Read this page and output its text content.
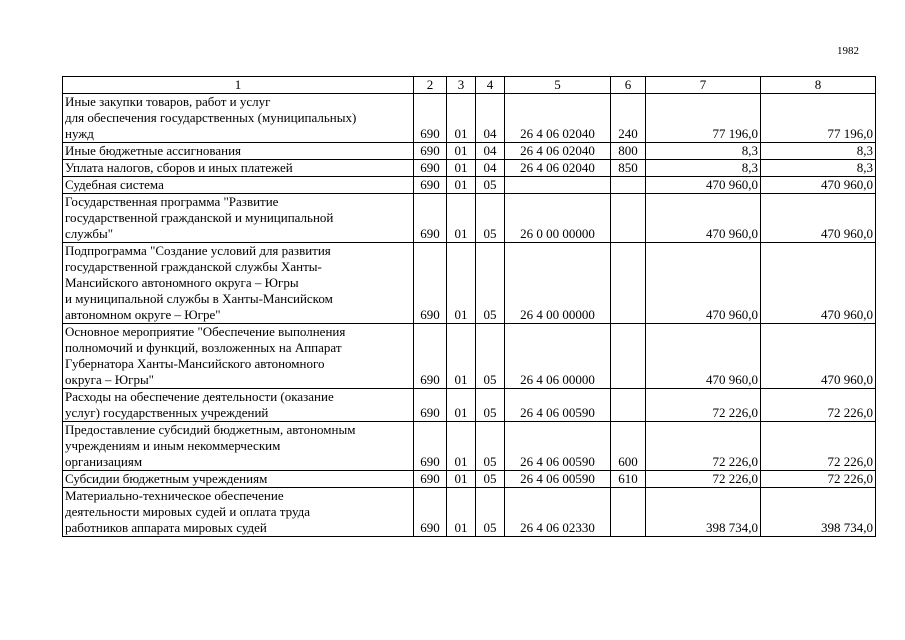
1982
1	2	3	4	5	6	7	8
Иные закупки товаров, работ и услуг
для обеспечения государственных (муниципальных)
нужд	690	01	04	26 4 06 02040	240	77 196,0	77 196,0
Иные бюджетные ассигнования	690	01	04	26 4 06 02040	800	8,3	8,3
Уплата налогов, сборов и иных платежей	690	01	04	26 4 06 02040	850	8,3	8,3
Судебная система	690	01	05			470 960,0	470 960,0
Государственная программа "Развитие
государственной гражданской и муниципальной
службы"	690	01	05	26 0 00 00000		470 960,0	470 960,0
Подпрограмма "Создание условий для развития
государственной гражданской службы Ханты-
Мансийского автономного округа – Югры
и муниципальной службы в Ханты-Мансийском
автономном округе – Югре"	690	01	05	26 4 00 00000		470 960,0	470 960,0
Основное мероприятие "Обеспечение выполнения
полномочий и функций, возложенных на Аппарат
Губернатора Ханты-Мансийского автономного
округа – Югры"	690	01	05	26 4 06 00000		470 960,0	470 960,0
Расходы на обеспечение деятельности (оказание
услуг) государственных учреждений	690	01	05	26 4 06 00590		72 226,0	72 226,0
Предоставление субсидий бюджетным, автономным
учреждениям и иным некоммерческим
организациям	690	01	05	26 4 06 00590	600	72 226,0	72 226,0
Субсидии бюджетным учреждениям	690	01	05	26 4 06 00590	610	72 226,0	72 226,0
Материально-техническое обеспечение
деятельности мировых судей и оплата труда
работников аппарата мировых судей	690	01	05	26 4 06 02330		398 734,0	398 734,0
